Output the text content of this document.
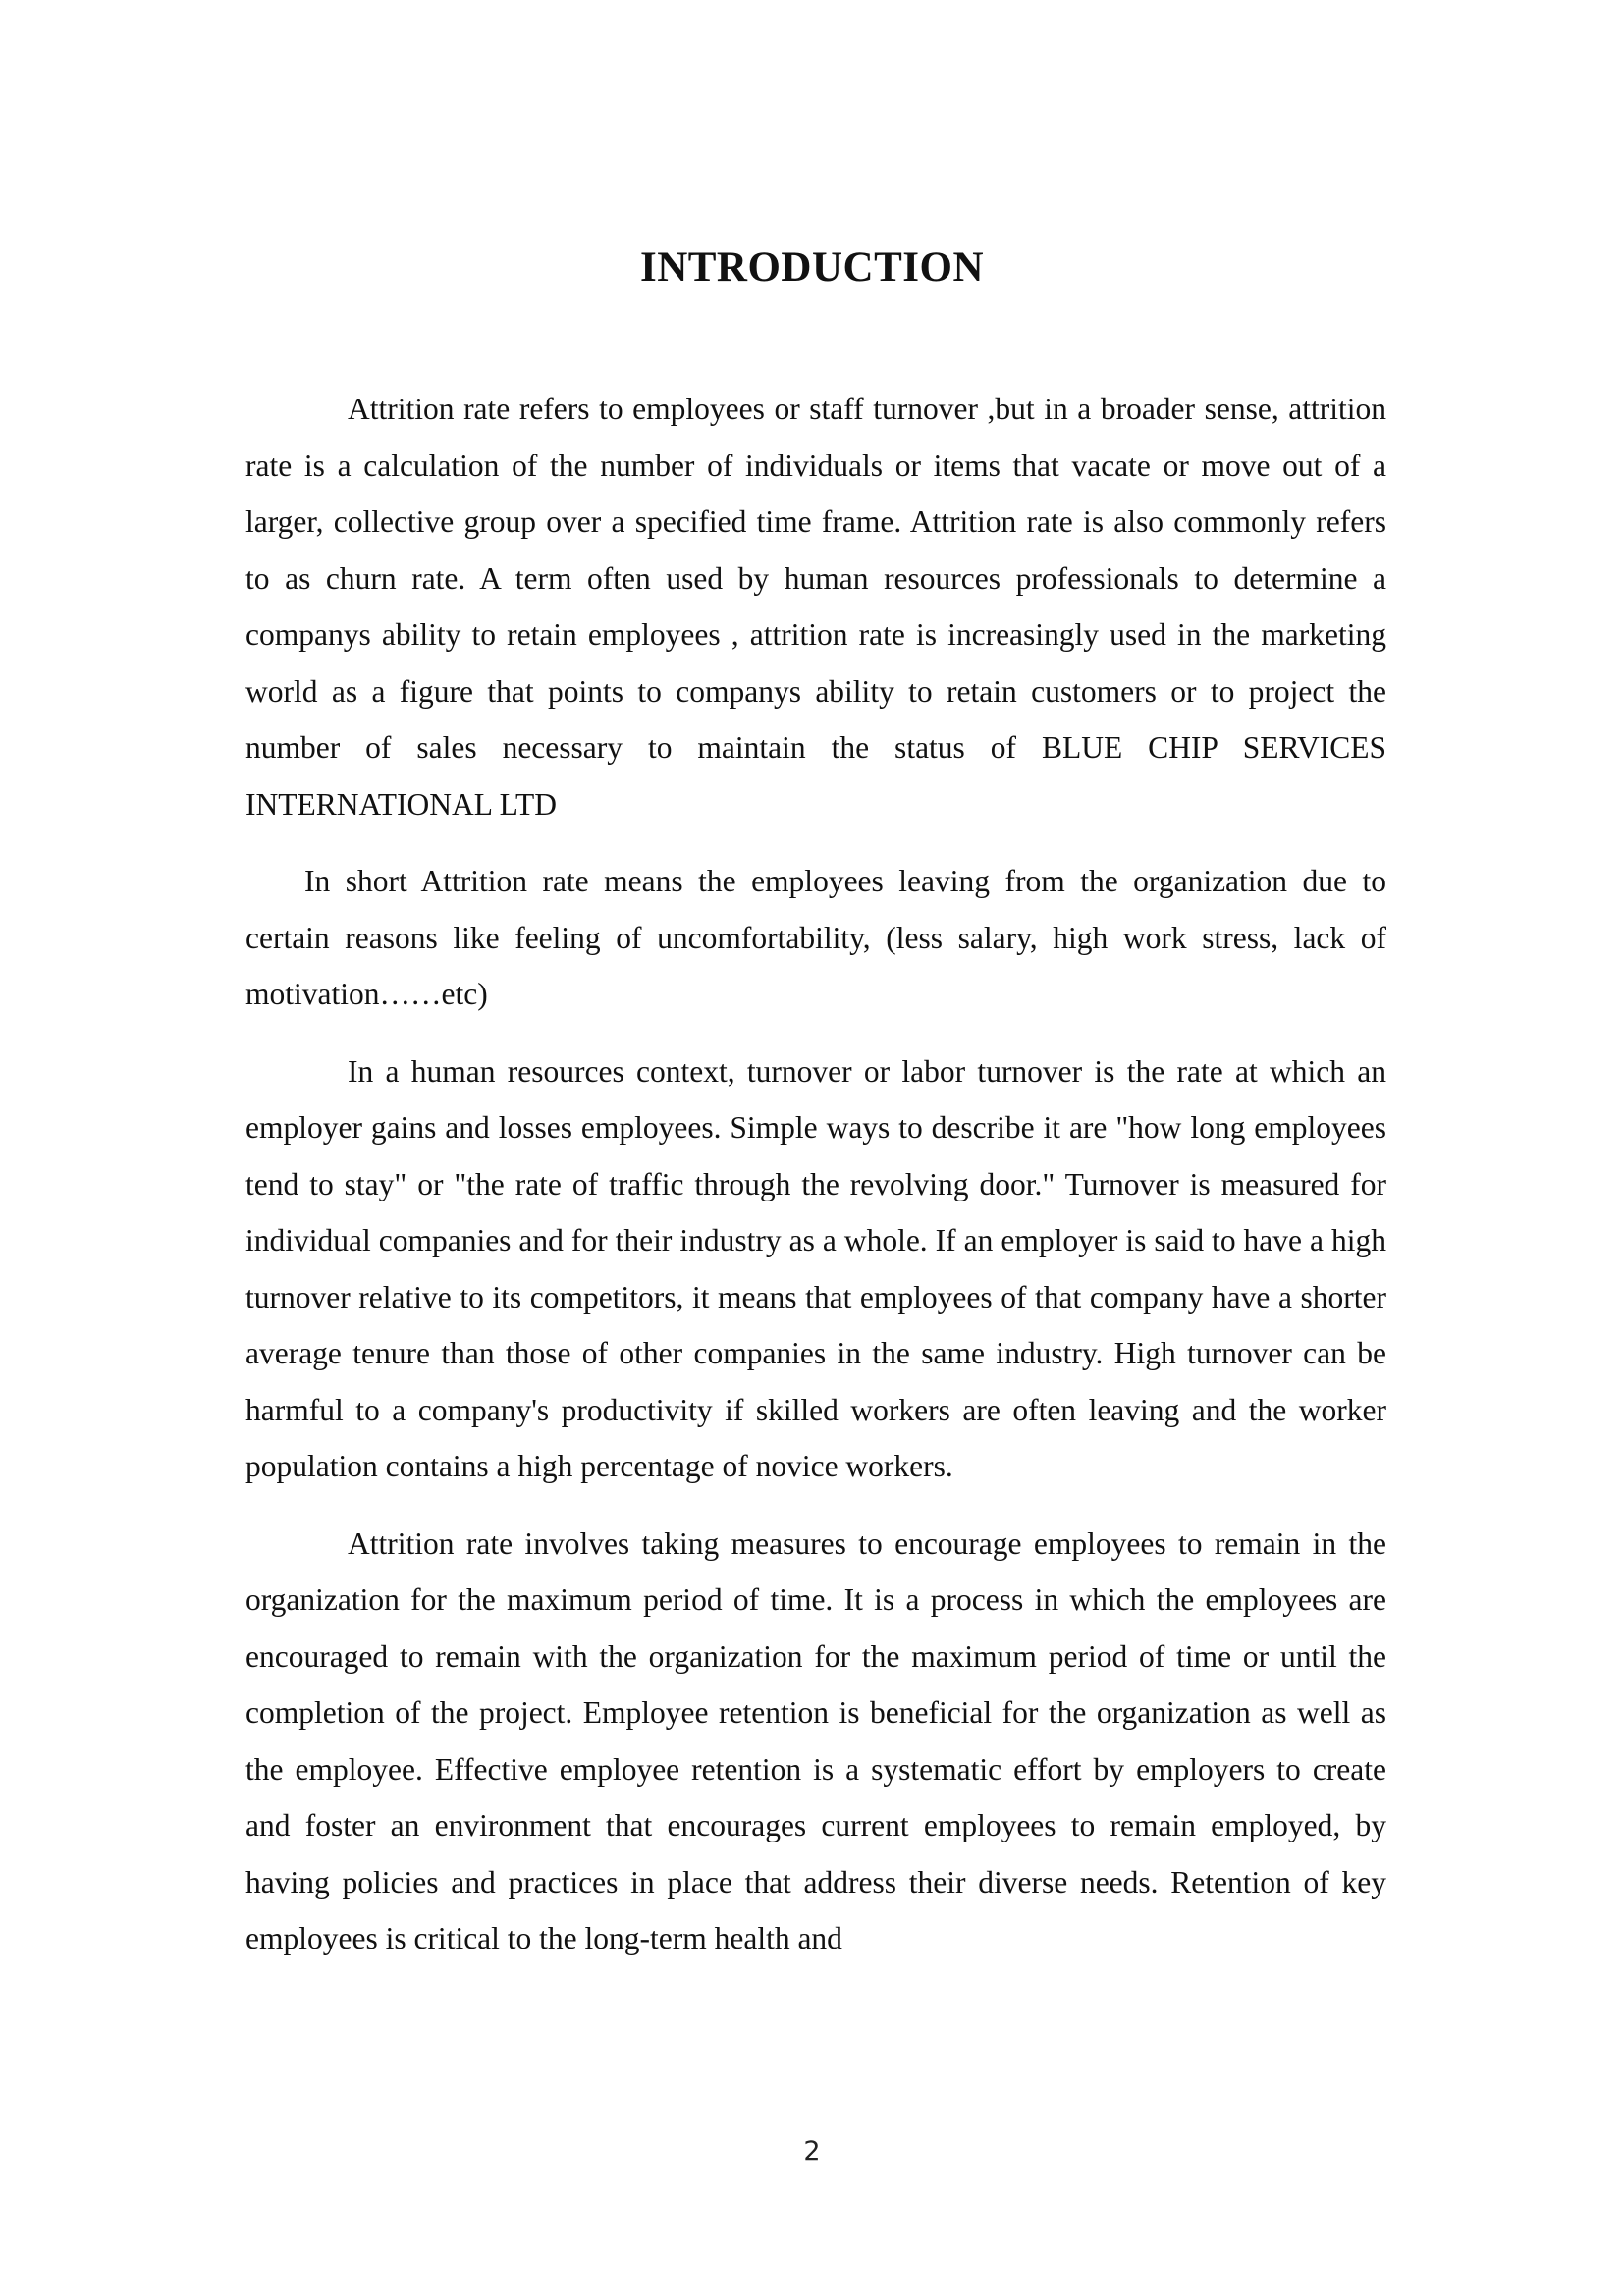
INTRODUCTION

Attrition rate refers to employees or staff turnover ,but in a broader sense, attrition rate is a calculation of the number of individuals or items that vacate or move out of a larger, collective group over a specified time frame. Attrition rate is also commonly refers to as churn rate. A term often used by human resources professionals to determine a companys ability to retain employees , attrition rate is increasingly used in the marketing world as a figure that points to companys ability to retain customers or to project the number of sales necessary to maintain the status of BLUE CHIP SERVICES INTERNATIONAL LTD

In short Attrition rate means the employees leaving from the organization due to certain reasons like feeling of uncomfortability, (less salary, high work stress, lack of motivation……etc)

In a human resources context, turnover or labor turnover is the rate at which an employer gains and losses employees. Simple ways to describe it are "how long employees tend to stay" or "the rate of traffic through the revolving door." Turnover is measured for individual companies and for their industry as a whole. If an employer is said to have a high turnover relative to its competitors, it means that employees of that company have a shorter average tenure than those of other companies in the same industry. High turnover can be harmful to a company's productivity if skilled workers are often leaving and the worker population contains a high percentage of novice workers.

Attrition rate involves taking measures to encourage employees to remain in the organization for the maximum period of time. It is a process in which the employees are encouraged to remain with the organization for the maximum period of time or until the completion of the project. Employee retention is beneficial for the organization as well as the employee. Effective employee retention is a systematic effort by employers to create and foster an environment that encourages current employees to remain employed, by having policies and practices in place that address their diverse needs. Retention of key employees is critical to the long-term health and

2
